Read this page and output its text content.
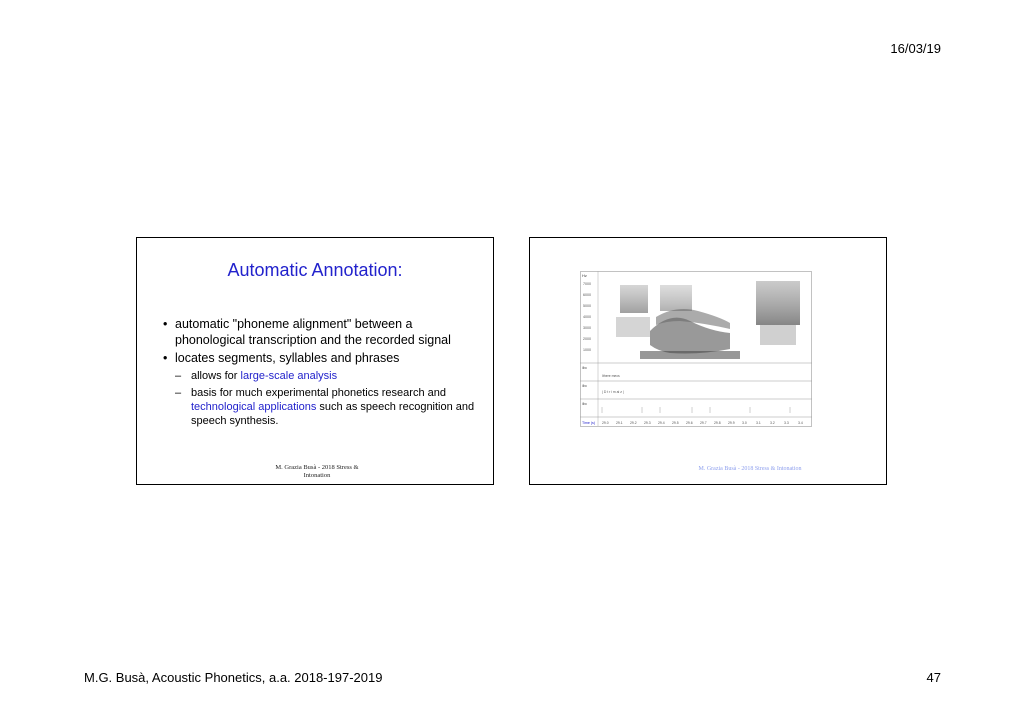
16/03/19
Automatic Annotation:
• automatic "phoneme alignment" between a phonological transcription and the recorded signal
• locates segments, syllables and phrases
– allows for large-scale analysis
– basis for much experimental phonetics research and technological applications such as speech recognition and speech synthesis.
M. Grazia Busà - 2018 Stress &
Intonation
Hz
7000
6000
5000
4000
3000
2000
1000
ilbc
ilbc
ilbc
Ithere mecs
| D t r i m ai z |
Time (s) 29.0 29.1 29.2 29.3 29.4 29.5 29.6 29.7 29.8 29.9 3.0	3.1	3.2	3.3	3.4
M. Grazia Busà - 2018 Stress & Intonation
M.G. Busà, Acoustic Phonetics, a.a. 2018-197-2019	47
